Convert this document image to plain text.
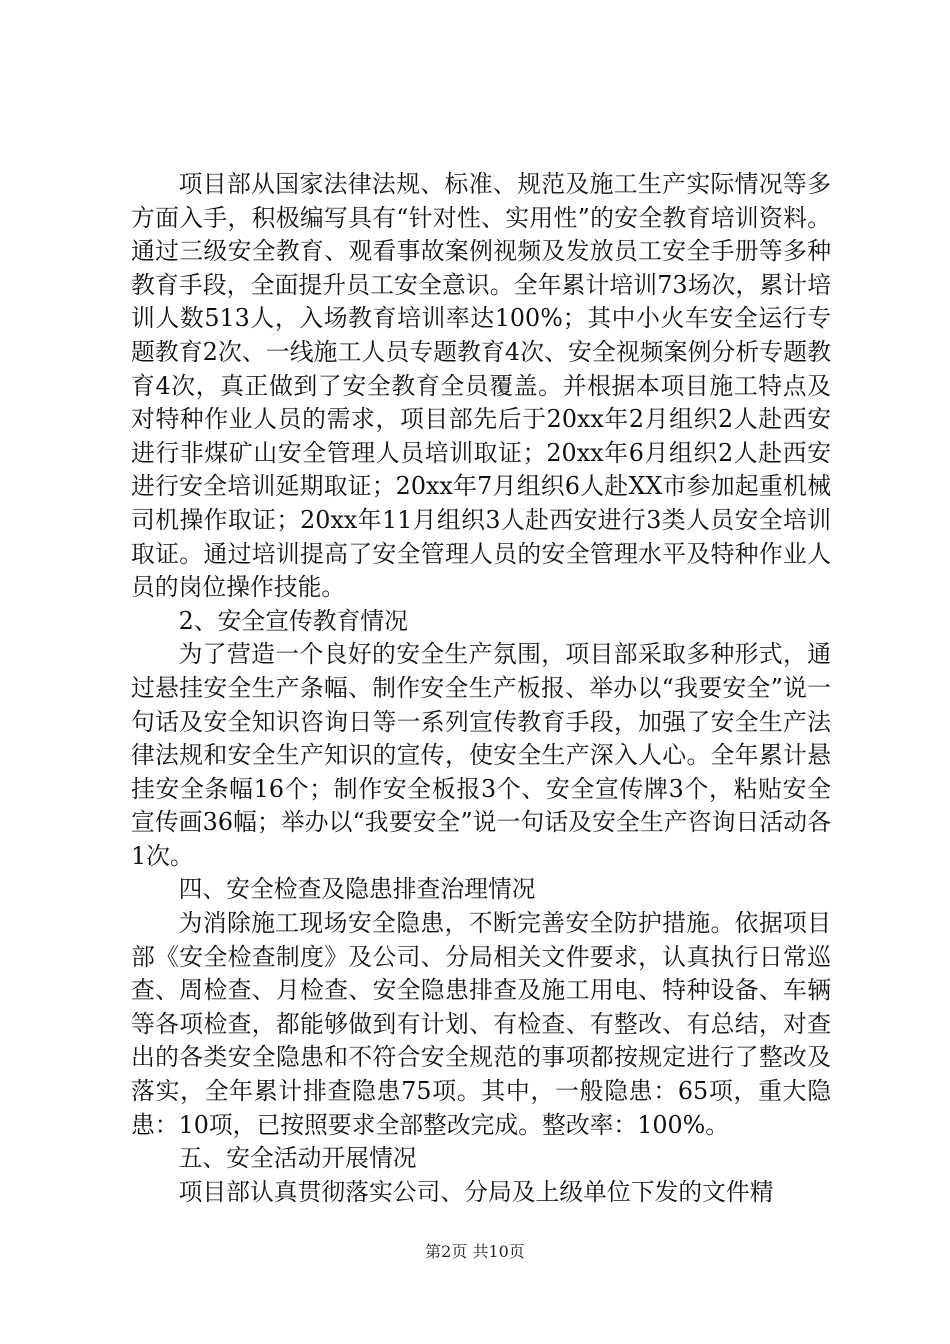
项目部从国家法律法规、标准、规范及施工生产实际情况等多方面入手，积极编写具有“针对性、实用性”的安全教育培训资料。通过三级安全教育、观看事故案例视频及发放员工安全手册等多种教育手段，全面提升员工安全意识。全年累计培训73场次，累计培训人数513人，入场教育培训率达100%；其中小火车安全运行专题教育2次、一线施工人员专题教育4次、安全视频案例分析专题教育4次，真正做到了安全教育全员覆盖。并根据本项目施工特点及对特种作业人员的需求，项目部先后于20xx年2月组织2人赴西安进行非煤矿山安全管理人员培训取证；20xx年6月组织2人赴西安进行安全培训延期取证；20xx年7月组织6人赴XX市参加起重机械司机操作取证；20xx年11月组织3人赴西安进行3类人员安全培训取证。通过培训提高了安全管理人员的安全管理水平及特种作业人员的岗位操作技能。

2、安全宣传教育情况

为了营造一个良好的安全生产氛围，项目部采取多种形式，通过悬挂安全生产条幅、制作安全生产板报、举办以“我要安全”说一句话及安全知识咨询日等一系列宣传教育手段，加强了安全生产法律法规和安全生产知识的宣传，使安全生产深入人心。全年累计悬挂安全条幅16个；制作安全板报3个、安全宣传牌3个，粘贴安全宣传画36幅；举办以“我要安全”说一句话及安全生产咨询日活动各1次。

四、安全检查及隐患排查治理情况

为消除施工现场安全隐患，不断完善安全防护措施。依据项目部《安全检查制度》及公司、分局相关文件要求，认真执行日常巡查、周检查、月检查、安全隐患排查及施工用电、特种设备、车辆等各项检查，都能够做到有计划、有检查、有整改、有总结，对查出的各类安全隐患和不符合安全规范的事项都按规定进行了整改及落实，全年累计排查隐患75项。其中，一般隐患：65项，重大隐患：10项，已按照要求全部整改完成。整改率：100%。

五、安全活动开展情况

项目部认真贯彻落实公司、分局及上级单位下发的文件精

第2页 共10页
